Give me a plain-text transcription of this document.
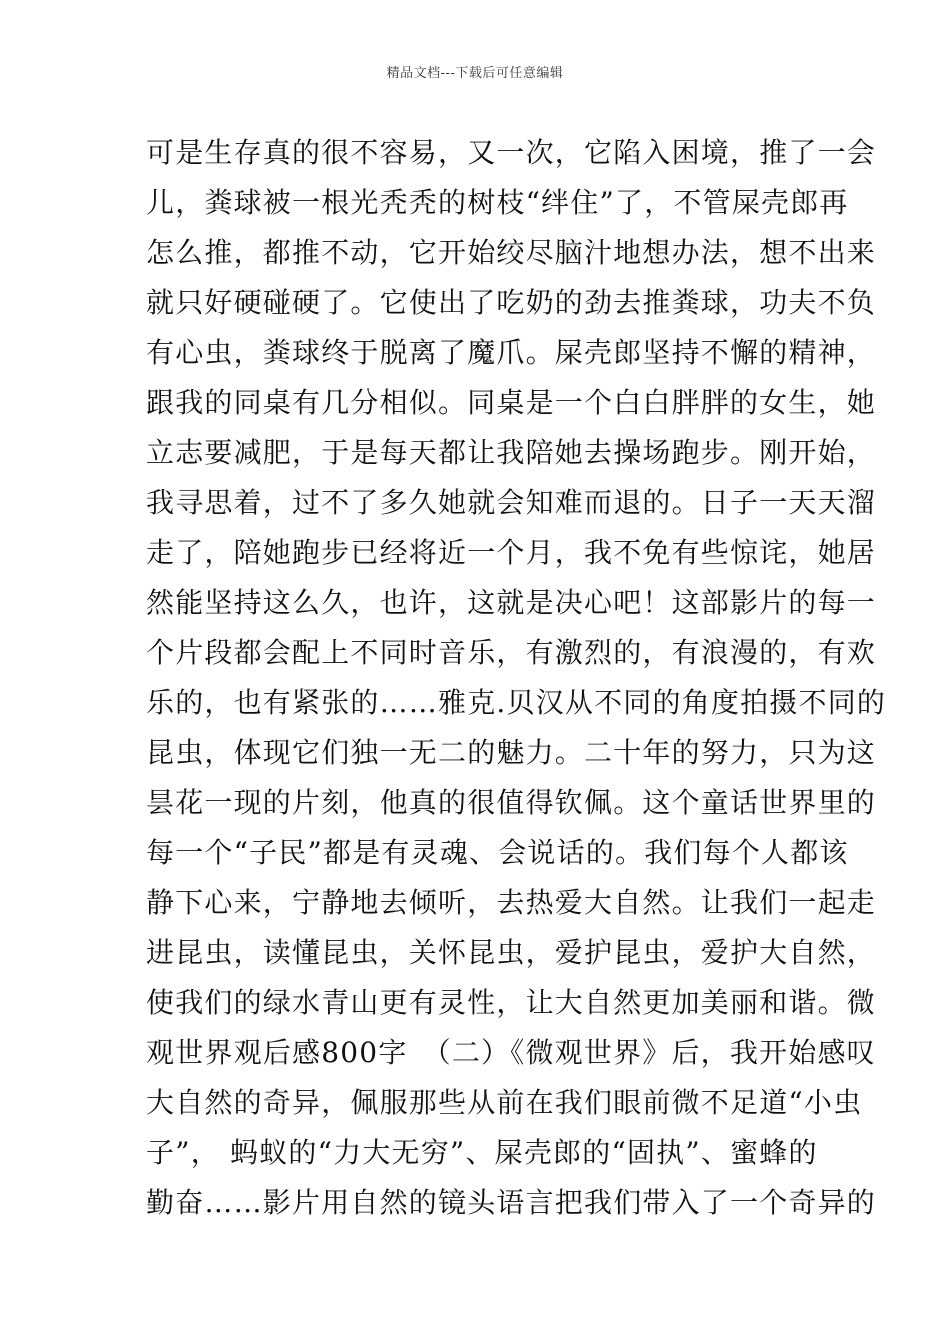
精品文档---下载后可任意编辑
可是生存真的很不容易，又一次，它陷入困境，推了一会
儿，粪球被一根光秃秃的树枝“绊住”了，不管屎壳郎再
怎么推，都推不动，它开始绞尽脑汁地想办法，想不出来
就只好硬碰硬了。它使出了吃奶的劲去推粪球，功夫不负
有心虫，粪球终于脱离了魔爪。屎壳郎坚持不懈的精神，
跟我的同桌有几分相似。同桌是一个白白胖胖的女生，她
立志要减肥，于是每天都让我陪她去操场跑步。刚开始，
我寻思着，过不了多久她就会知难而退的。日子一天天溜
走了，陪她跑步已经将近一个月，我不免有些惊诧，她居
然能坚持这么久，也许，这就是决心吧！这部影片的每一
个片段都会配上不同时音乐，有激烈的，有浪漫的，有欢
乐的，也有紧张的……雅克.贝汉从不同的角度拍摄不同的
昆虫，体现它们独一无二的魅力。二十年的努力，只为这
昙花一现的片刻，他真的很值得钦佩。这个童话世界里的
每一个“子民”都是有灵魂、会说话的。我们每个人都该
静下心来，宁静地去倾听，去热爱大自然。让我们一起走
进昆虫，读懂昆虫，关怀昆虫，爱护昆虫，爱护大自然，
使我们的绿水青山更有灵性，让大自然更加美丽和谐。微
观世界观后感800字　（二）《微观世界》后，我开始感叹
大自然的奇异，佩服那些从前在我们眼前微不足道“小虫
子”， 蚂蚁的“力大无穷”、屎壳郎的“固执”、蜜蜂的
勤奋……影片用自然的镜头语言把我们带入了一个奇异的
